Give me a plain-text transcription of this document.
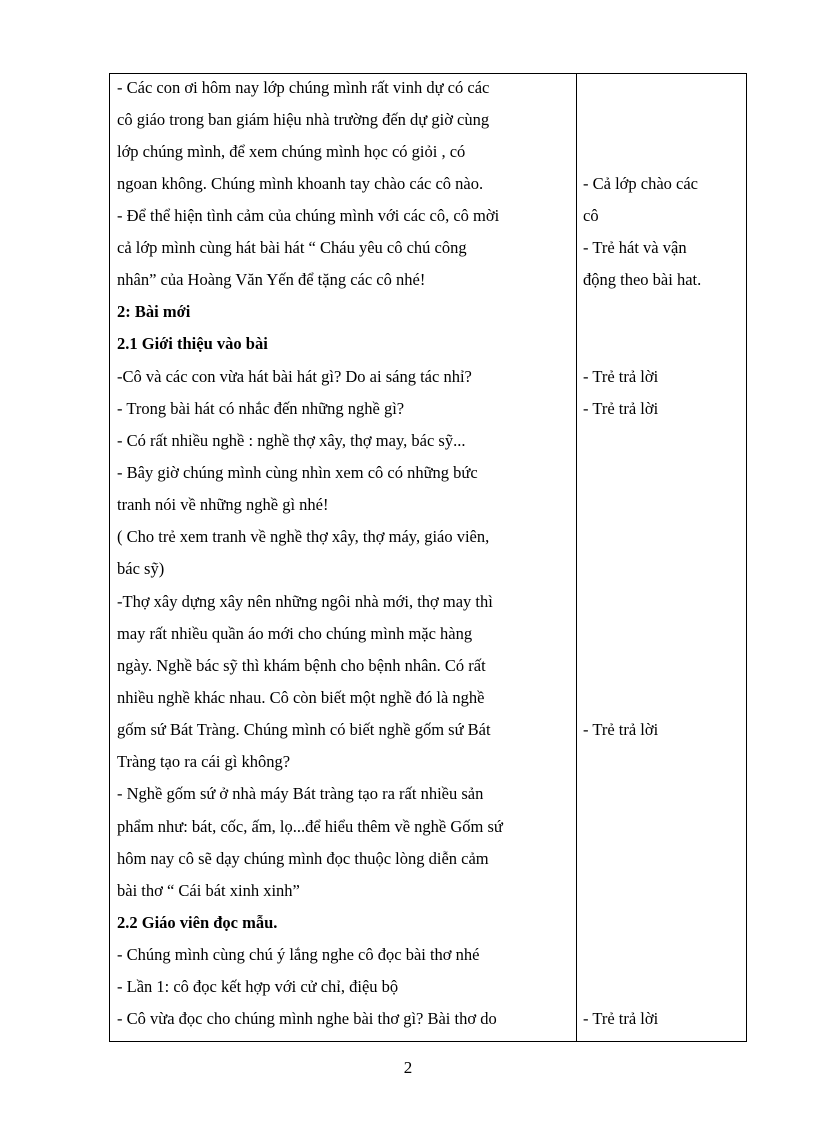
- Các con ơi hôm nay lớp chúng mình rất vinh dự có các
cô giáo trong ban giám hiệu nhà trường đến dự giờ cùng
lớp chúng mình, để xem chúng mình học có giỏi , có
ngoan không. Chúng mình khoanh tay chào các cô nào.
- Để thể hiện tình cảm của chúng mình với các cô, cô mời
cả lớp mình cùng hát bài hát “ Cháu yêu cô chú công
nhân” của Hoàng Văn Yến để tặng các cô nhé!
2: Bài mới
2.1 Giới thiệu vào bài
-Cô và các con vừa hát bài hát gì? Do ai sáng tác nhỉ?
- Trong bài hát có nhắc đến những nghề gì?
- Có rất nhiều nghề : nghề thợ xây, thợ may, bác sỹ...
- Bây giờ chúng mình cùng nhìn xem cô có những bức
tranh nói về những nghề gì nhé!
( Cho trẻ xem tranh về nghề thợ xây, thợ máy, giáo viên,
bác sỹ)
-Thợ xây dựng xây nên những ngôi nhà mới, thợ may thì
may rất nhiều quần áo mới cho chúng mình mặc hàng
ngày. Nghề bác sỹ thì khám bệnh cho bệnh nhân. Có rất
nhiều nghề khác nhau. Cô còn biết một nghề đó là nghề
gốm sứ Bát Tràng. Chúng mình có biết nghề gốm sứ Bát
Tràng tạo ra cái gì không?
- Nghề gốm sứ ở nhà máy Bát tràng tạo ra rất nhiều sản
phẩm như: bát, cốc, ấm, lọ...để hiểu thêm về nghề Gốm sứ
hôm nay cô sẽ dạy chúng mình đọc thuộc lòng diễn cảm
bài thơ “ Cái bát xinh xinh”
2.2 Giáo viên đọc mẫu.
- Chúng mình cùng chú ý lắng nghe cô đọc bài thơ nhé
- Lần 1: cô đọc kết hợp với cử chỉ, điệu bộ
- Cô vừa đọc cho chúng mình nghe bài thơ gì? Bài thơ do
- Cả lớp chào các
cô
- Trẻ hát và vận
động theo bài hat.
- Trẻ trả lời
- Trẻ trả lời
- Trẻ trả lời
- Trẻ trả lời
2
